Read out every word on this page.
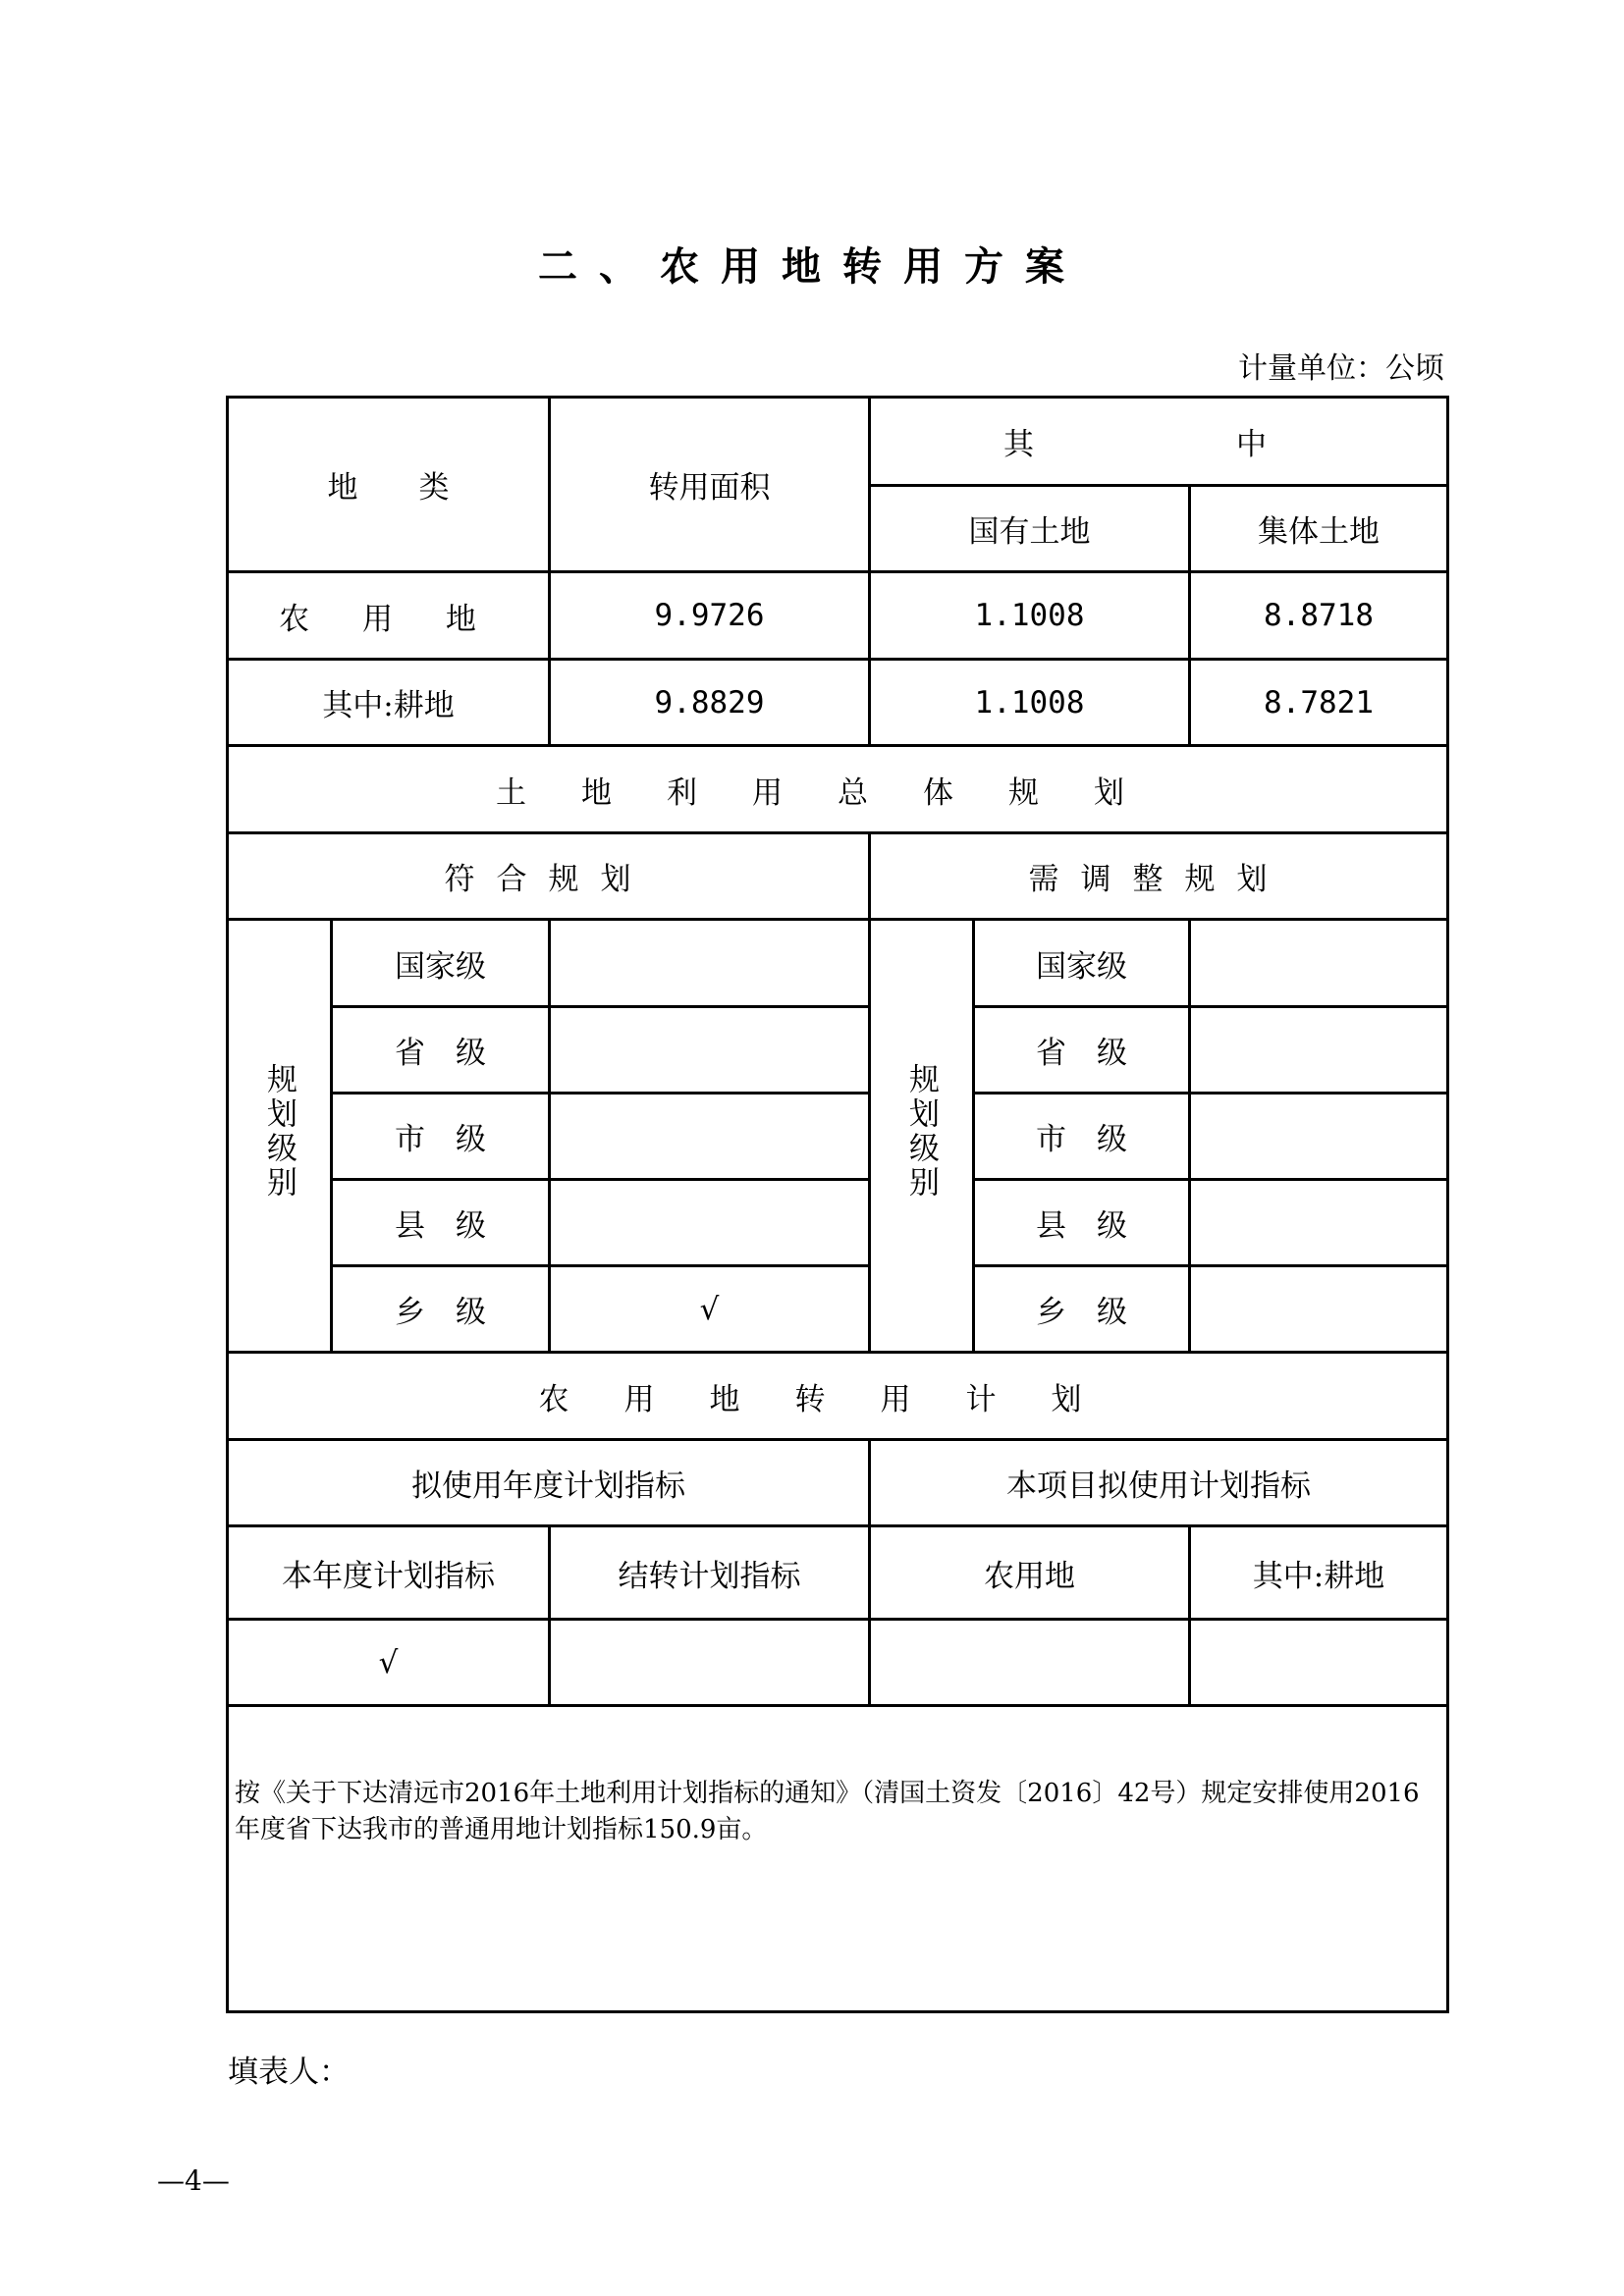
二、农用地转用方案
计量单位：公顷
地　　类		转用面积	其　　中		
			国有土地		集体土地
农 用 地		9.9726	1.1008		8.8718
其中:耕地		9.8829	1.1008		8.7821
土地利用总体规划					
符合规划			需调整规划		
规划级别	国家级		规划级别	国家级	
	省　级			省　级	
	市　级			市　级	
	县　级			县　级	
	乡　级	√		乡　级	
农用地转用计划					
拟使用年度计划指标			本项目拟使用计划指标		
本年度计划指标		结转计划指标	农用地		其中:耕地
√					
按《关于下达清远市2016年土地利用计划指标的通知》（清国土资发〔2016〕42号）规定安排使用2016年度省下达我市的普通用地计划指标150.9亩。					
填表人：
—4—
